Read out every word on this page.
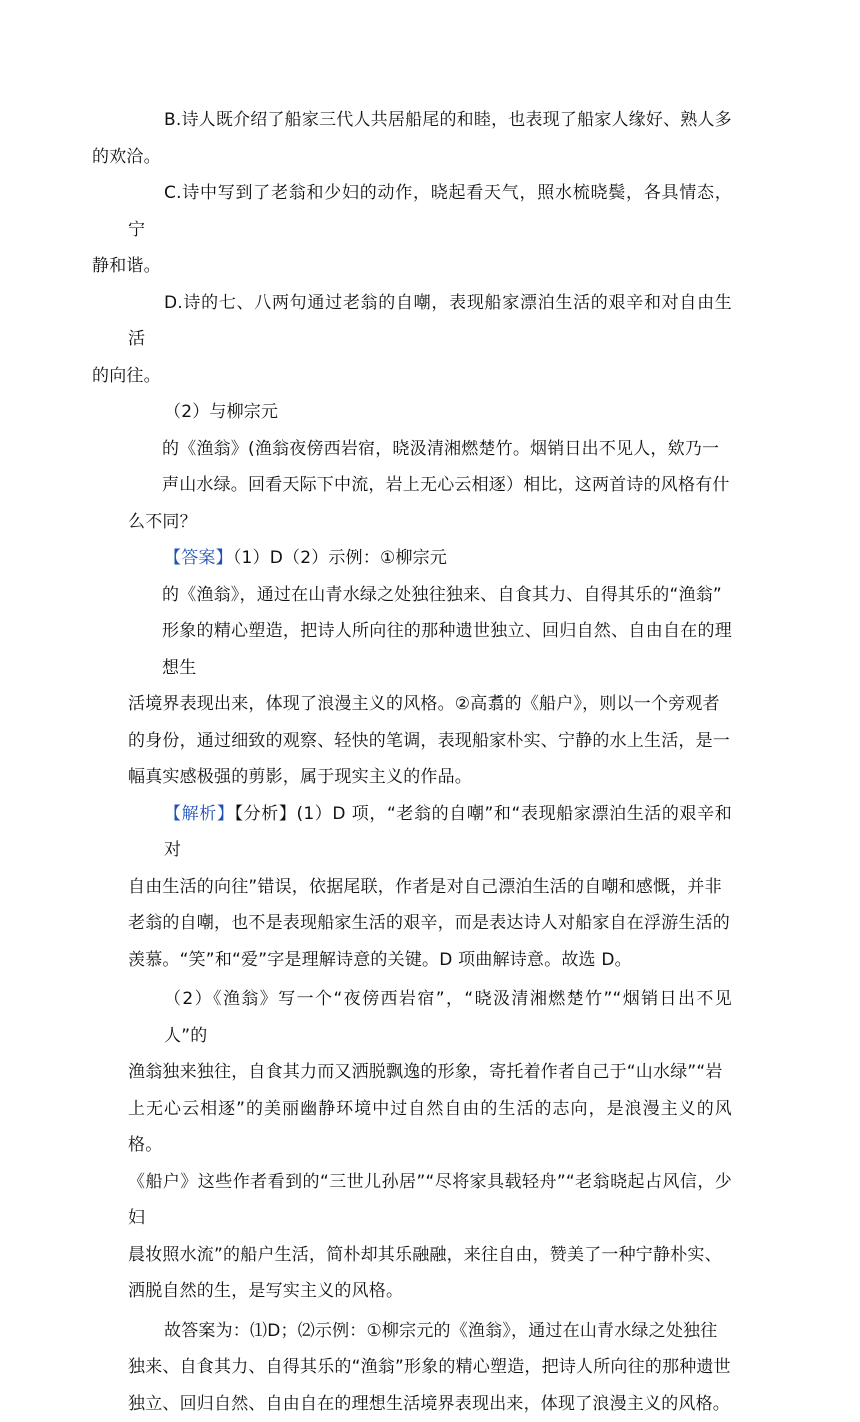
B.诗人既介绍了船家三代人共居船尾的和睦，也表现了船家人缘好、熟人多
的欢洽。

C.诗中写到了老翁和少妇的动作，晓起看天气，照水梳晓鬓，各具情态，宁
静和谐。

D.诗的七、八两句通过老翁的自嘲，表现船家漂泊生活的艰辛和对自由生活
的向往。

（2）与柳宗元
的《渔翁》(渔翁夜傍西岩宿，晓汲清湘燃楚竹。烟销日出不见人，欸乃一
声山水绿。回看天际下中流，岩上无心云相逐）相比，这两首诗的风格有什
么不同？
【答案】（1）D（2）示例：①柳宗元
的《渔翁》，通过在山青水绿之处独往独来、自食其力、自得其乐的“渔翁”
形象的精心塑造，把诗人所向往的那种遗世独立、回归自然、自由自在的理想生
活境界表现出来，体现了浪漫主义的风格。②高翥的《船户》，则以一个旁观者
的身份，通过细致的观察、轻快的笔调，表现船家朴实、宁静的水上生活，是一
幅真实感极强的剪影，属于现实主义的作品。
【解析】【分析】(1）D 项，“老翁的自嘲”和“表现船家漂泊生活的艰辛和对
自由生活的向往”错误，依据尾联，作者是对自己漂泊生活的自嘲和感慨，并非
老翁的自嘲，也不是表现船家生活的艰辛，而是表达诗人对船家自在浮游生活的
羡慕。“笑”和“爱”字是理解诗意的关键。D 项曲解诗意。故选 D。
（2）《渔翁》写一个“夜傍西岩宿”，“晓汲清湘燃楚竹”“烟销日出不见人”的
渔翁独来独往，自食其力而又洒脱飘逸的形象，寄托着作者自己于“山水绿”“岩
上无心云相逐”的美丽幽静环境中过自然自由的生活的志向，是浪漫主义的风格。
《船户》这些作者看到的“三世儿孙居”“尽将家具载轻舟”“老翁晓起占风信，少妇
晨妆照水流”的船户生活，简朴却其乐融融，来往自由，赞美了一种宁静朴实、
洒脱自然的生，是写实主义的风格。
故答案为：⑴D；⑵示例：①柳宗元的《渔翁》，通过在山青水绿之处独往
独来、自食其力、自得其乐的“渔翁”形象的精心塑造，把诗人所向往的那种遗世
独立、回归自然、自由自在的理想生活境界表现出来，体现了浪漫主义的风格。
